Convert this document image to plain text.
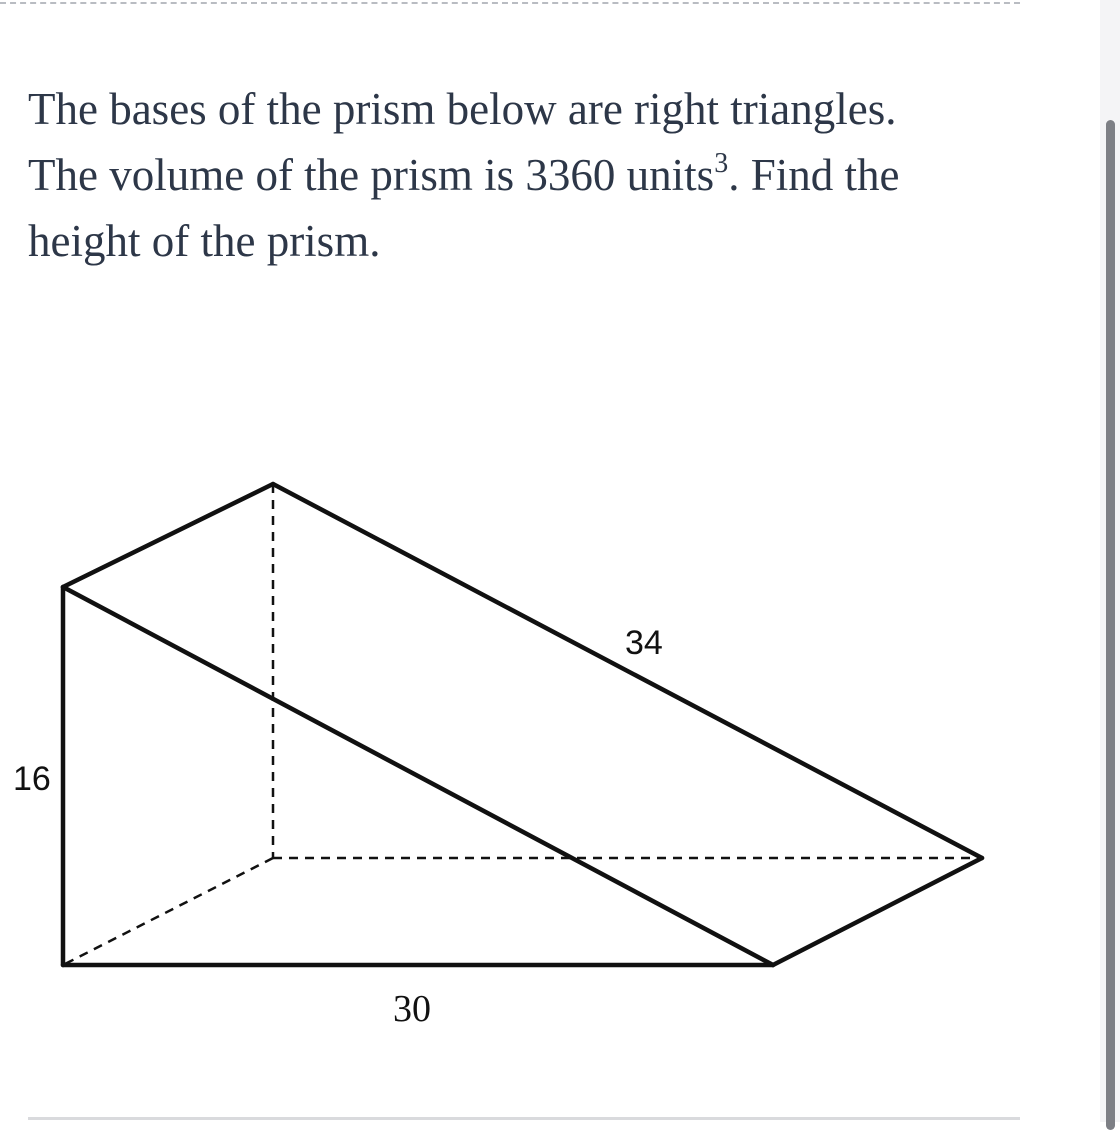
The bases of the prism below are right triangles.
The volume of the prism is 3360 units$^3$. Find the
height of the prism.

16
34
30
